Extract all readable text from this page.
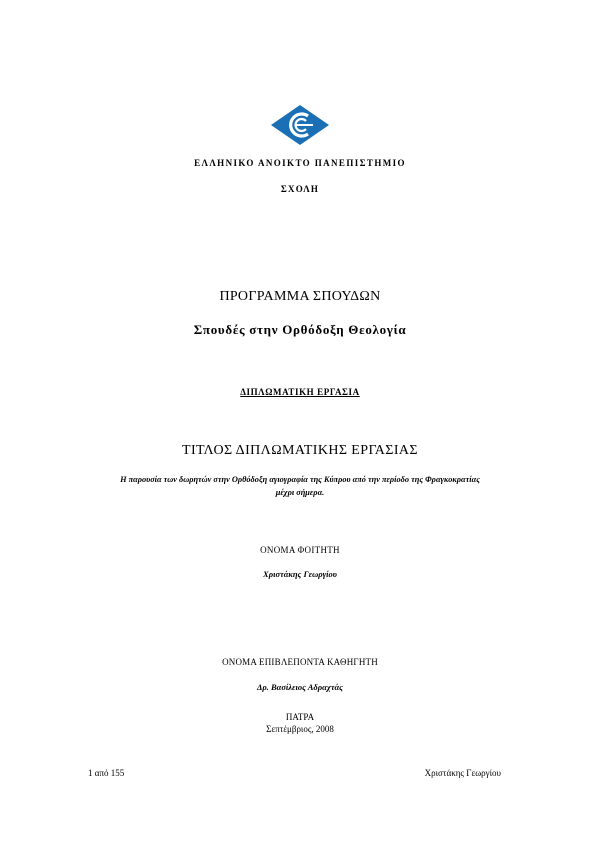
ΕΛΛΗΝΙΚΟ ΑΝΟΙΚΤΟ ΠΑΝΕΠΙΣΤΗΜΙΟ
ΣΧΟΛΗ
ΠΡΟΓΡΑΜΜΑ ΣΠΟΥΔΩΝ
Σπουδές στην Ορθόδοξη Θεολογία
ΔΙΠΛΩΜΑΤΙΚΗ ΕΡΓΑΣΙΑ
ΤΙΤΛΟΣ ΔΙΠΛΩΜΑΤΙΚΗΣ ΕΡΓΑΣΙΑΣ
Η παρουσία των δωρητών στην Ορθόδοξη αγιογραφία της Κύπρου από την περίοδο της Φραγκοκρατίας μέχρι σήμερα.
ΟΝΟΜΑ ΦΟΙΤΗΤΗ
Χριστάκης Γεωργίου
ΟΝΟΜΑ ΕΠΙΒΛΕΠΟΝΤΑ ΚΑΘΗΓΗΤΗ
Δρ. Βασίλειος Αδραχτάς
ΠΑΤΡΑ
Σεπτέμβριος, 2008
1 από 155	Χριστάκης Γεωργίου
